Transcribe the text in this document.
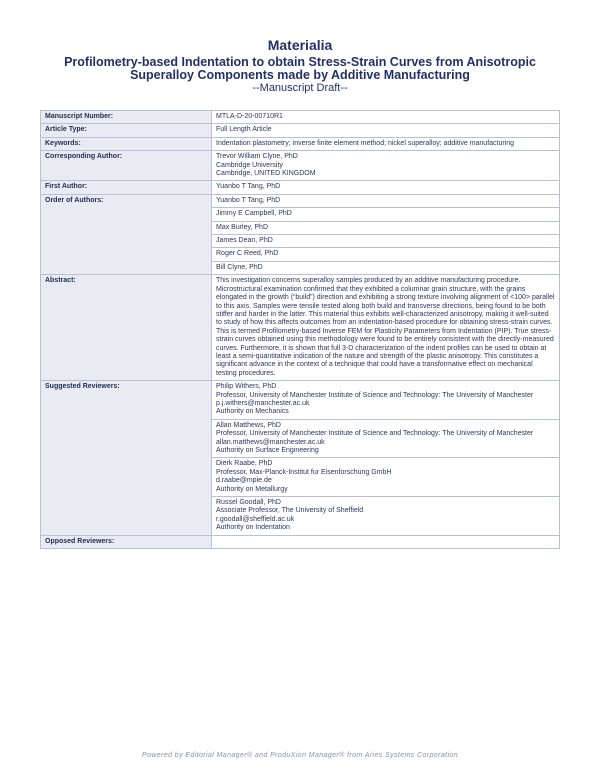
Materialia
Profilometry-based Indentation to obtain Stress-Strain Curves from Anisotropic
Superalloy Components made by Additive Manufacturing
--Manuscript Draft--
Manuscript Number:	MTLA-D-20-00710R1
Article Type:	Full Length Article
Keywords:	Indentation plastometry; inverse finite element method; nickel superalloy; additive manufacturing
Corresponding Author:	Trevor William Clyne, PhD
Cambridge University
Cambridge, UNITED KINGDOM

First Author:	Yuanbo T Tang, PhD
Order of Authors:	Yuanbo T Tang, PhD
	Jimmy E Campbell, PhD
	Max Burley, PhD
	James Dean, PhD
	Roger C Reed, PhD
	Bill Clyne, PhD
Abstract:	This investigation concerns superalloy samples produced by an additive manufacturing procedure. Microstructural examination confirmed that they exhibited a columnar grain structure, with the grains elongated in the growth (“build”) direction and exhibiting a strong texture involving alignment of <100> parallel to this axis. Samples were tensile tested along both build and transverse directions, being found to be both stiffer and harder in the latter. This material thus exhibits well-characterized anisotropy, making it well-suited to study of how this affects outcomes from an indentation-based procedure for obtaining stress-strain curves. This is termed Profilometry-based Inverse FEM for Plasticity Parameters from Indentation (PIP). True stress-strain curves obtained using this methodology were found to be entirely consistent with the directly-measured curves. Furthermore, it is shown that full 3-D characterization of the indent profiles can be used to obtain at least a semi-quantitative indication of the nature and strength of the plastic anisotropy. This constitutes a significant advance in the context of a technique that could have a transformative effect on mechanical testing procedures.
Suggested Reviewers:	Philip Withers, PhD
Professor, University of Manchester Institute of Science and Technology: The University of Manchester
p.j.withers@manchester.ac.uk
Authority on Mechanics

	Allan Matthews, PhD
Professor, University of Manchester Institute of Science and Technology: The University of Manchester
allan.matthews@manchester.ac.uk
Authority on Surface Engineering

	Dierk Raabe, PhD
Professor, Max-Planck-Institut fur Eisenforschung GmbH
d.raabe@mpie.de
Authority on Metallurgy

	Russel Goodall, PhD
Associate Professor, The University of Sheffield
r.goodall@sheffield.ac.uk
Authority on Indentation

Opposed Reviewers:	
Powered by Editorial Manager® and ProduXion Manager® from Aries Systems Corporation
